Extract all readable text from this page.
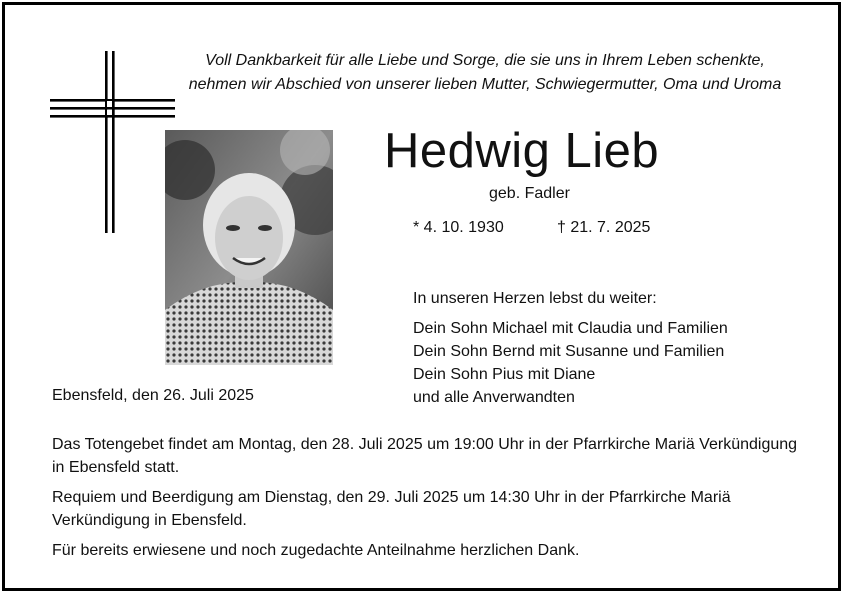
Voll Dankbarkeit für alle Liebe und Sorge, die sie uns in Ihrem Leben schenkte,
nehmen wir Abschied von unserer lieben Mutter, Schwiegermutter, Oma und Uroma
Hedwig Lieb
geb. Fadler
* 4. 10. 1930	† 21. 7. 2025
In unseren Herzen lebst du weiter:
Dein Sohn Michael mit Claudia und Familien
Dein Sohn Bernd mit Susanne und Familien
Dein Sohn Pius mit Diane
und alle Anverwandten
Ebensfeld, den 26. Juli 2025

Das Totengebet findet am Montag, den 28. Juli 2025 um 19:00 Uhr in der Pfarrkirche Mariä Verkündigung in Ebensfeld statt.

Requiem und Beerdigung am Dienstag, den 29. Juli 2025 um 14:30 Uhr in der Pfarrkirche Mariä Verkündigung in Ebensfeld.

Für bereits erwiesene und noch zugedachte Anteilnahme herzlichen Dank.
